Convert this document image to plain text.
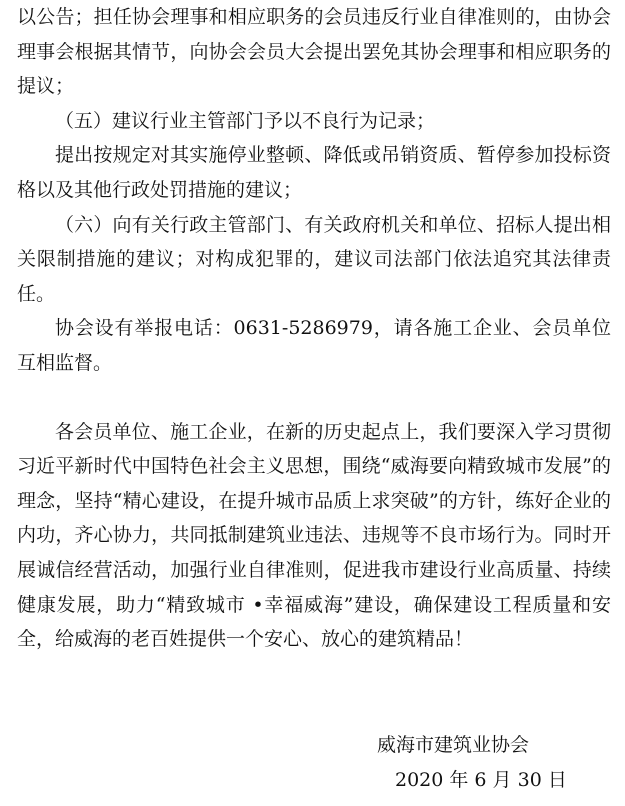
以公告；担任协会理事和相应职务的会员违反行业自律准则的，由协会理事会根据其情节，向协会会员大会提出罢免其协会理事和相应职务的提议；

（五）建议行业主管部门予以不良行为记录；

提出按规定对其实施停业整顿、降低或吊销资质、暂停参加投标资格以及其他行政处罚措施的建议；

（六）向有关行政主管部门、有关政府机关和单位、招标人提出相关限制措施的建议；对构成犯罪的，建议司法部门依法追究其法律责任。

协会设有举报电话：0631-5286979，请各施工企业、会员单位互相监督。

各会员单位、施工企业，在新的历史起点上，我们要深入学习贯彻习近平新时代中国特色社会主义思想，围绕“威海要向精致城市发展”的理念，坚持“精心建设，在提升城市品质上求突破”的方针，练好企业的内功，齐心协力，共同抵制建筑业违法、违规等不良市场行为。同时开展诚信经营活动，加强行业自律准则，促进我市建设行业高质量、持续健康发展，助力“精致城市 •幸福威海”建设，确保建设工程质量和安全，给威海的老百姓提供一个安心、放心的建筑精品！

威海市建筑业协会
2020 年 6 月 30 日
